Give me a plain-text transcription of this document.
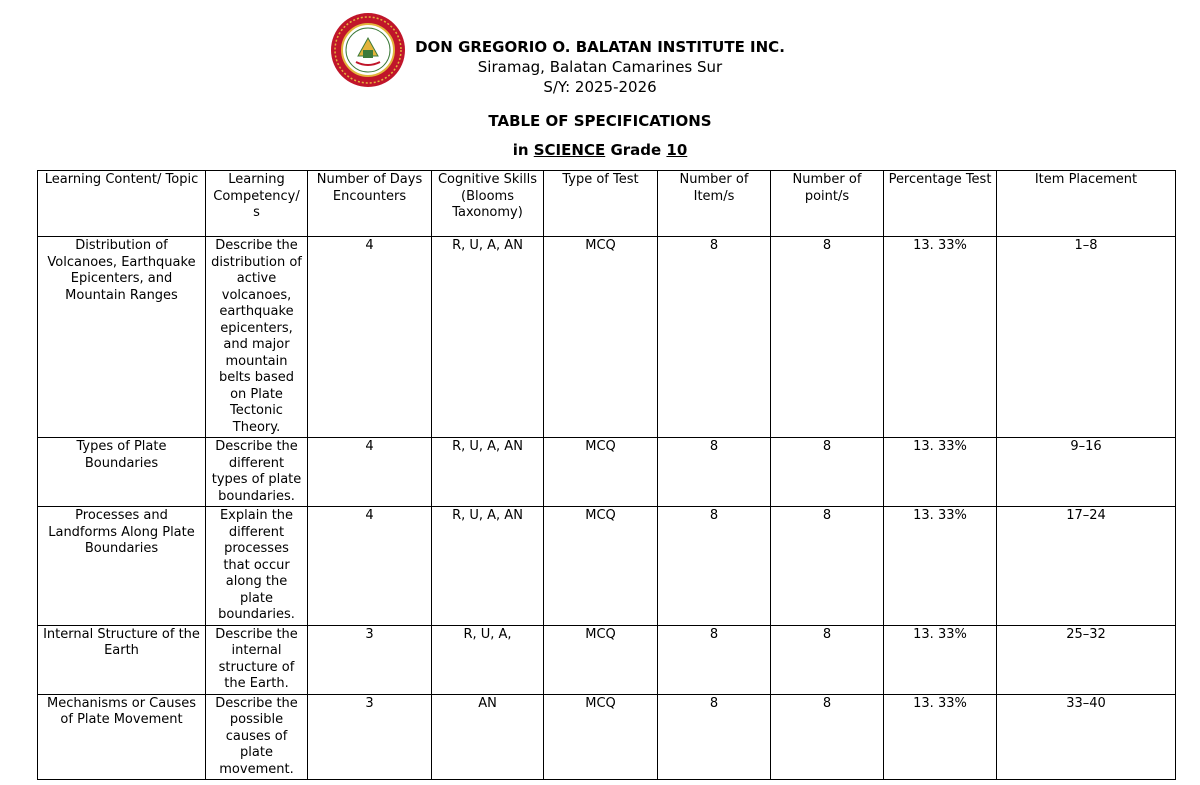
DON GREGORIO O. BALATAN INSTITUTE INC.
Siramag, Balatan Camarines Sur
S/Y: 2025-2026
TABLE OF SPECIFICATIONS
in SCIENCE Grade 10
Learning Content/ Topic	Learning Competency/ s	Number of Days Encounters	Cognitive Skills (Blooms Taxonomy)	Type of Test	Number of Item/s	Number of point/s	Percentage Test	Item Placement
Distribution of Volcanoes, Earthquake Epicenters, and Mountain Ranges	Describe the distribution of active volcanoes, earthquake epicenters, and major mountain belts based on Plate Tectonic Theory.	4	R, U, A, AN	MCQ	8	8	13. 33%	1–8
Types of Plate Boundaries	Describe the different types of plate boundaries.	4	R, U, A, AN	MCQ	8	8	13. 33%	9–16
Processes and Landforms Along Plate Boundaries	Explain the different processes that occur along the plate boundaries.	4	R, U, A, AN	MCQ	8	8	13. 33%	17–24
Internal Structure of the Earth	Describe the internal structure of the Earth.	3	R, U, A,	MCQ	8	8	13. 33%	25–32
Mechanisms or Causes of Plate Movement	Describe the possible causes of plate movement.	3	AN	MCQ	8	8	13. 33%	33–40
